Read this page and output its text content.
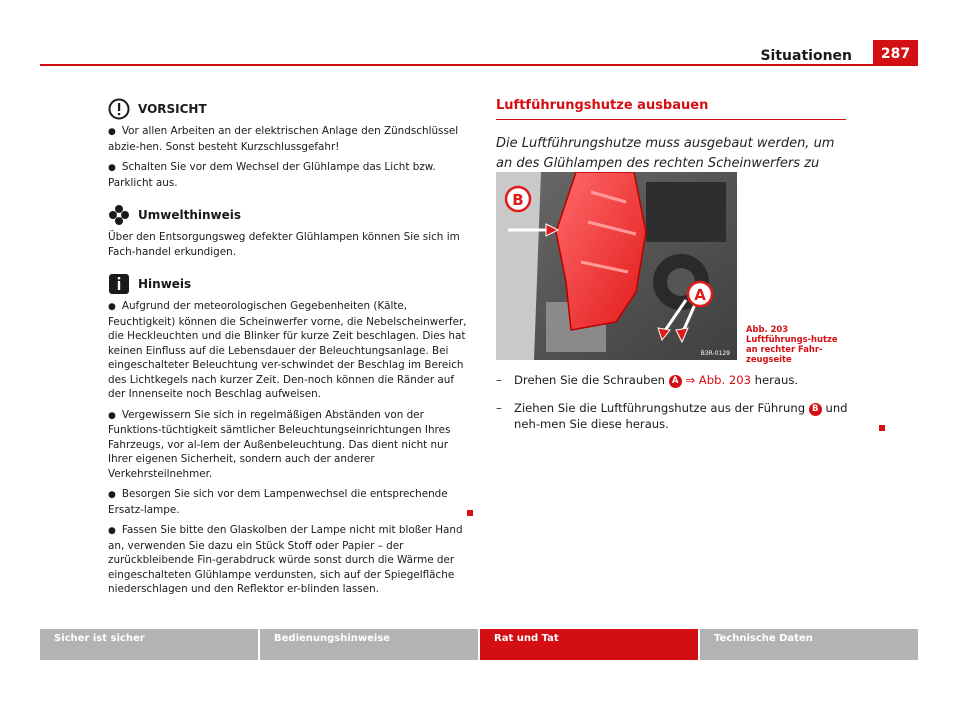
Situationen	287
VORSICHT
● Vor allen Arbeiten an der elektrischen Anlage den Zündschlüssel abzie-hen. Sonst besteht Kurzschlussgefahr!
● Schalten Sie vor dem Wechsel der Glühlampe das Licht bzw. Parklicht aus.
Umwelthinweis
Über den Entsorgungsweg defekter Glühlampen können Sie sich im Fach-handel erkundigen.
Hinweis
● Aufgrund der meteorologischen Gegebenheiten (Kälte, Feuchtigkeit) können die Scheinwerfer vorne, die Nebelscheinwerfer, die Heckleuchten und die Blinker für kurze Zeit beschlagen. Dies hat keinen Einfluss auf die Lebensdauer der Beleuchtungsanlage. Bei eingeschalteter Beleuchtung ver-schwindet der Beschlag im Bereich des Lichtkegels nach kurzer Zeit. Den-noch können die Ränder auf der Innenseite noch Beschlag aufweisen.
● Vergewissern Sie sich in regelmäßigen Abständen von der Funktions-tüchtigkeit sämtlicher Beleuchtungseinrichtungen Ihres Fahrzeugs, vor al-lem der Außenbeleuchtung. Das dient nicht nur Ihrer eigenen Sicherheit, sondern auch der anderer Verkehrsteilnehmer.
● Besorgen Sie sich vor dem Lampenwechsel die entsprechende Ersatz-lampe.
● Fassen Sie bitte den Glaskolben der Lampe nicht mit bloßer Hand an, verwenden Sie dazu ein Stück Stoff oder Papier – der zurückbleibende Fin-gerabdruck würde sonst durch die Wärme der eingeschalteten Glühlampe verdunsten, sich auf der Spiegelfläche niederschlagen und den Reflektor er-blinden lassen.
Luftführungshutze ausbauen
Die Luftführungshutze muss ausgebaut werden, um an des Glühlampen des rechten Scheinwerfers zu
B
A
B3R-0129
Abb. 203 Luftführungs-hutze an rechter Fahr-zeugseite
–	Drehen Sie die Schrauben A ⇒ Abb. 203 heraus.
–	Ziehen Sie die Luftführungshutze aus der Führung B und neh-men Sie diese heraus.
Sicher ist sicher	Bedienungshinweise	Rat und Tat	Technische Daten
